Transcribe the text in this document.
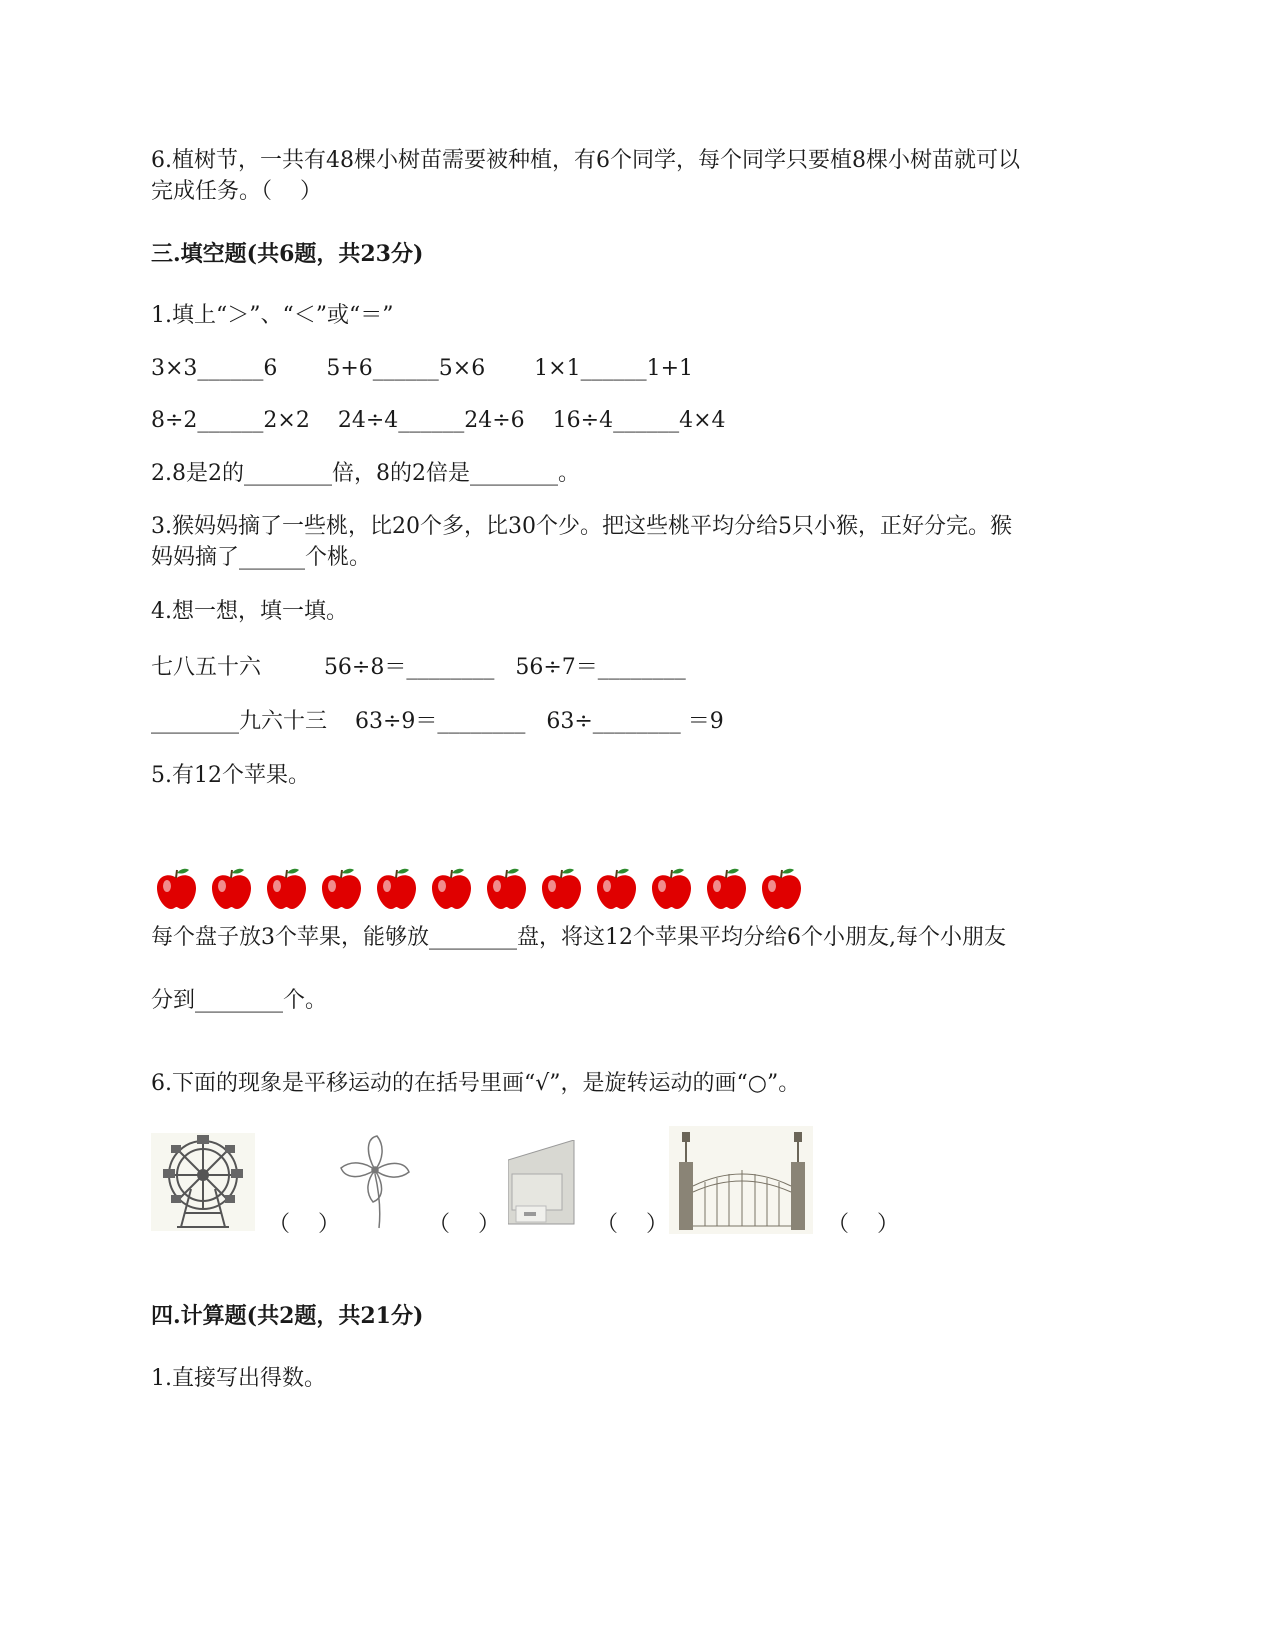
6.植树节，一共有48棵小树苗需要被种植，有6个同学，每个同学只要植8棵小树苗就可以
完成任务。（    ）
三.填空题(共6题，共23分)
1.填上“＞”、“＜”或“＝”
3×3______6       5+6______5×6       1×1______1+1
8÷2______2×2    24÷4______24÷6    16÷4______4×4
2.8是2的________倍，8的2倍是________。
3.猴妈妈摘了一些桃，比20个多，比30个少。把这些桃平均分给5只小猴，正好分完。猴
妈妈摘了______个桃。
4.想一想，填一填。
七八五十六         56÷8＝________   56÷7＝________
________九六十三    63÷9＝________   63÷________ ＝9
5.有12个苹果。
每个盘子放3个苹果，能够放________盘，将这12个苹果平均分给6个小朋友,每个小朋友
分到________个。
6.下面的现象是平移运动的在括号里画“√”，是旋转运动的画“○”。
（    ）	（    ）	（    ）	（    ）
四.计算题(共2题，共21分)
1.直接写出得数。
